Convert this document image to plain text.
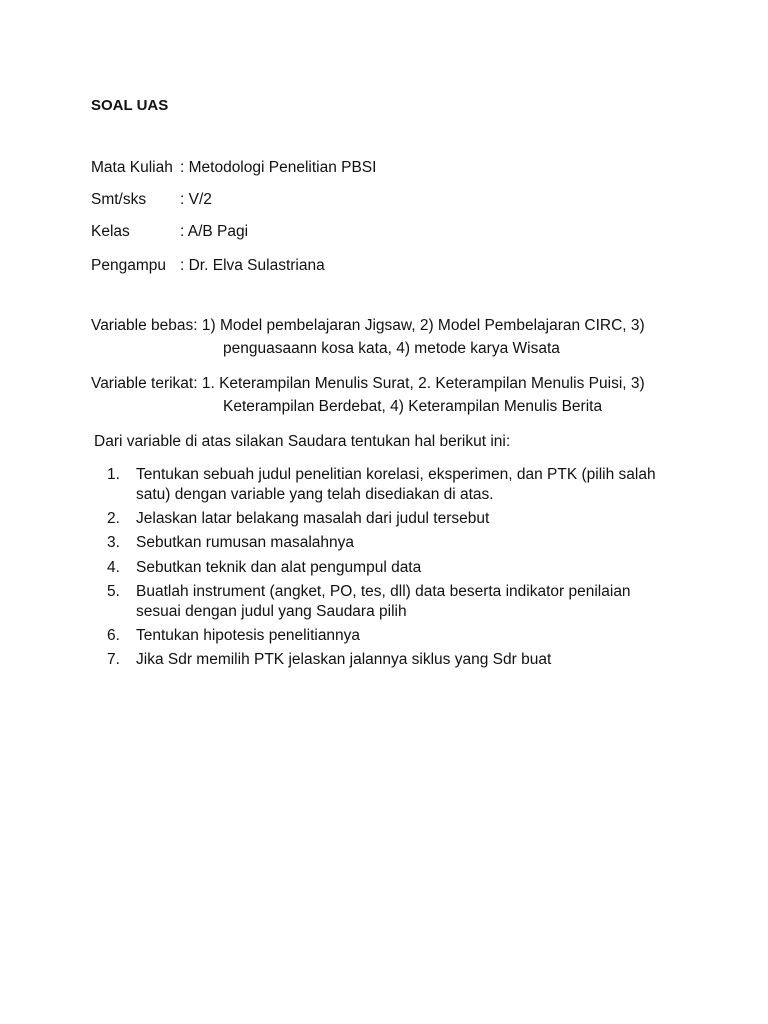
SOAL UAS
Mata Kuliah : Metodologi Penelitian PBSI
Smt/sks : V/2
Kelas	: A/B Pagi
Pengampu : Dr. Elva Sulastriana
Variable bebas: 1) Model pembelajaran Jigsaw, 2) Model Pembelajaran CIRC, 3)
penguasaann kosa kata, 4) metode karya Wisata
Variable terikat: 1. Keterampilan Menulis Surat, 2. Keterampilan Menulis Puisi, 3)
Keterampilan Berdebat, 4) Keterampilan Menulis Berita
Dari variable di atas silakan Saudara tentukan hal berikut ini:
1. Tentukan sebuah judul penelitian korelasi, eksperimen, dan PTK (pilih salah satu) dengan variable yang telah disediakan di atas.
2. Jelaskan latar belakang masalah dari judul tersebut
3. Sebutkan rumusan masalahnya
4. Sebutkan teknik dan alat pengumpul data
5. Buatlah instrument (angket, PO, tes, dll) data beserta indikator penilaian sesuai dengan judul yang Saudara pilih
6. Tentukan hipotesis penelitiannya
7. Jika Sdr memilih PTK jelaskan jalannya siklus yang Sdr buat
